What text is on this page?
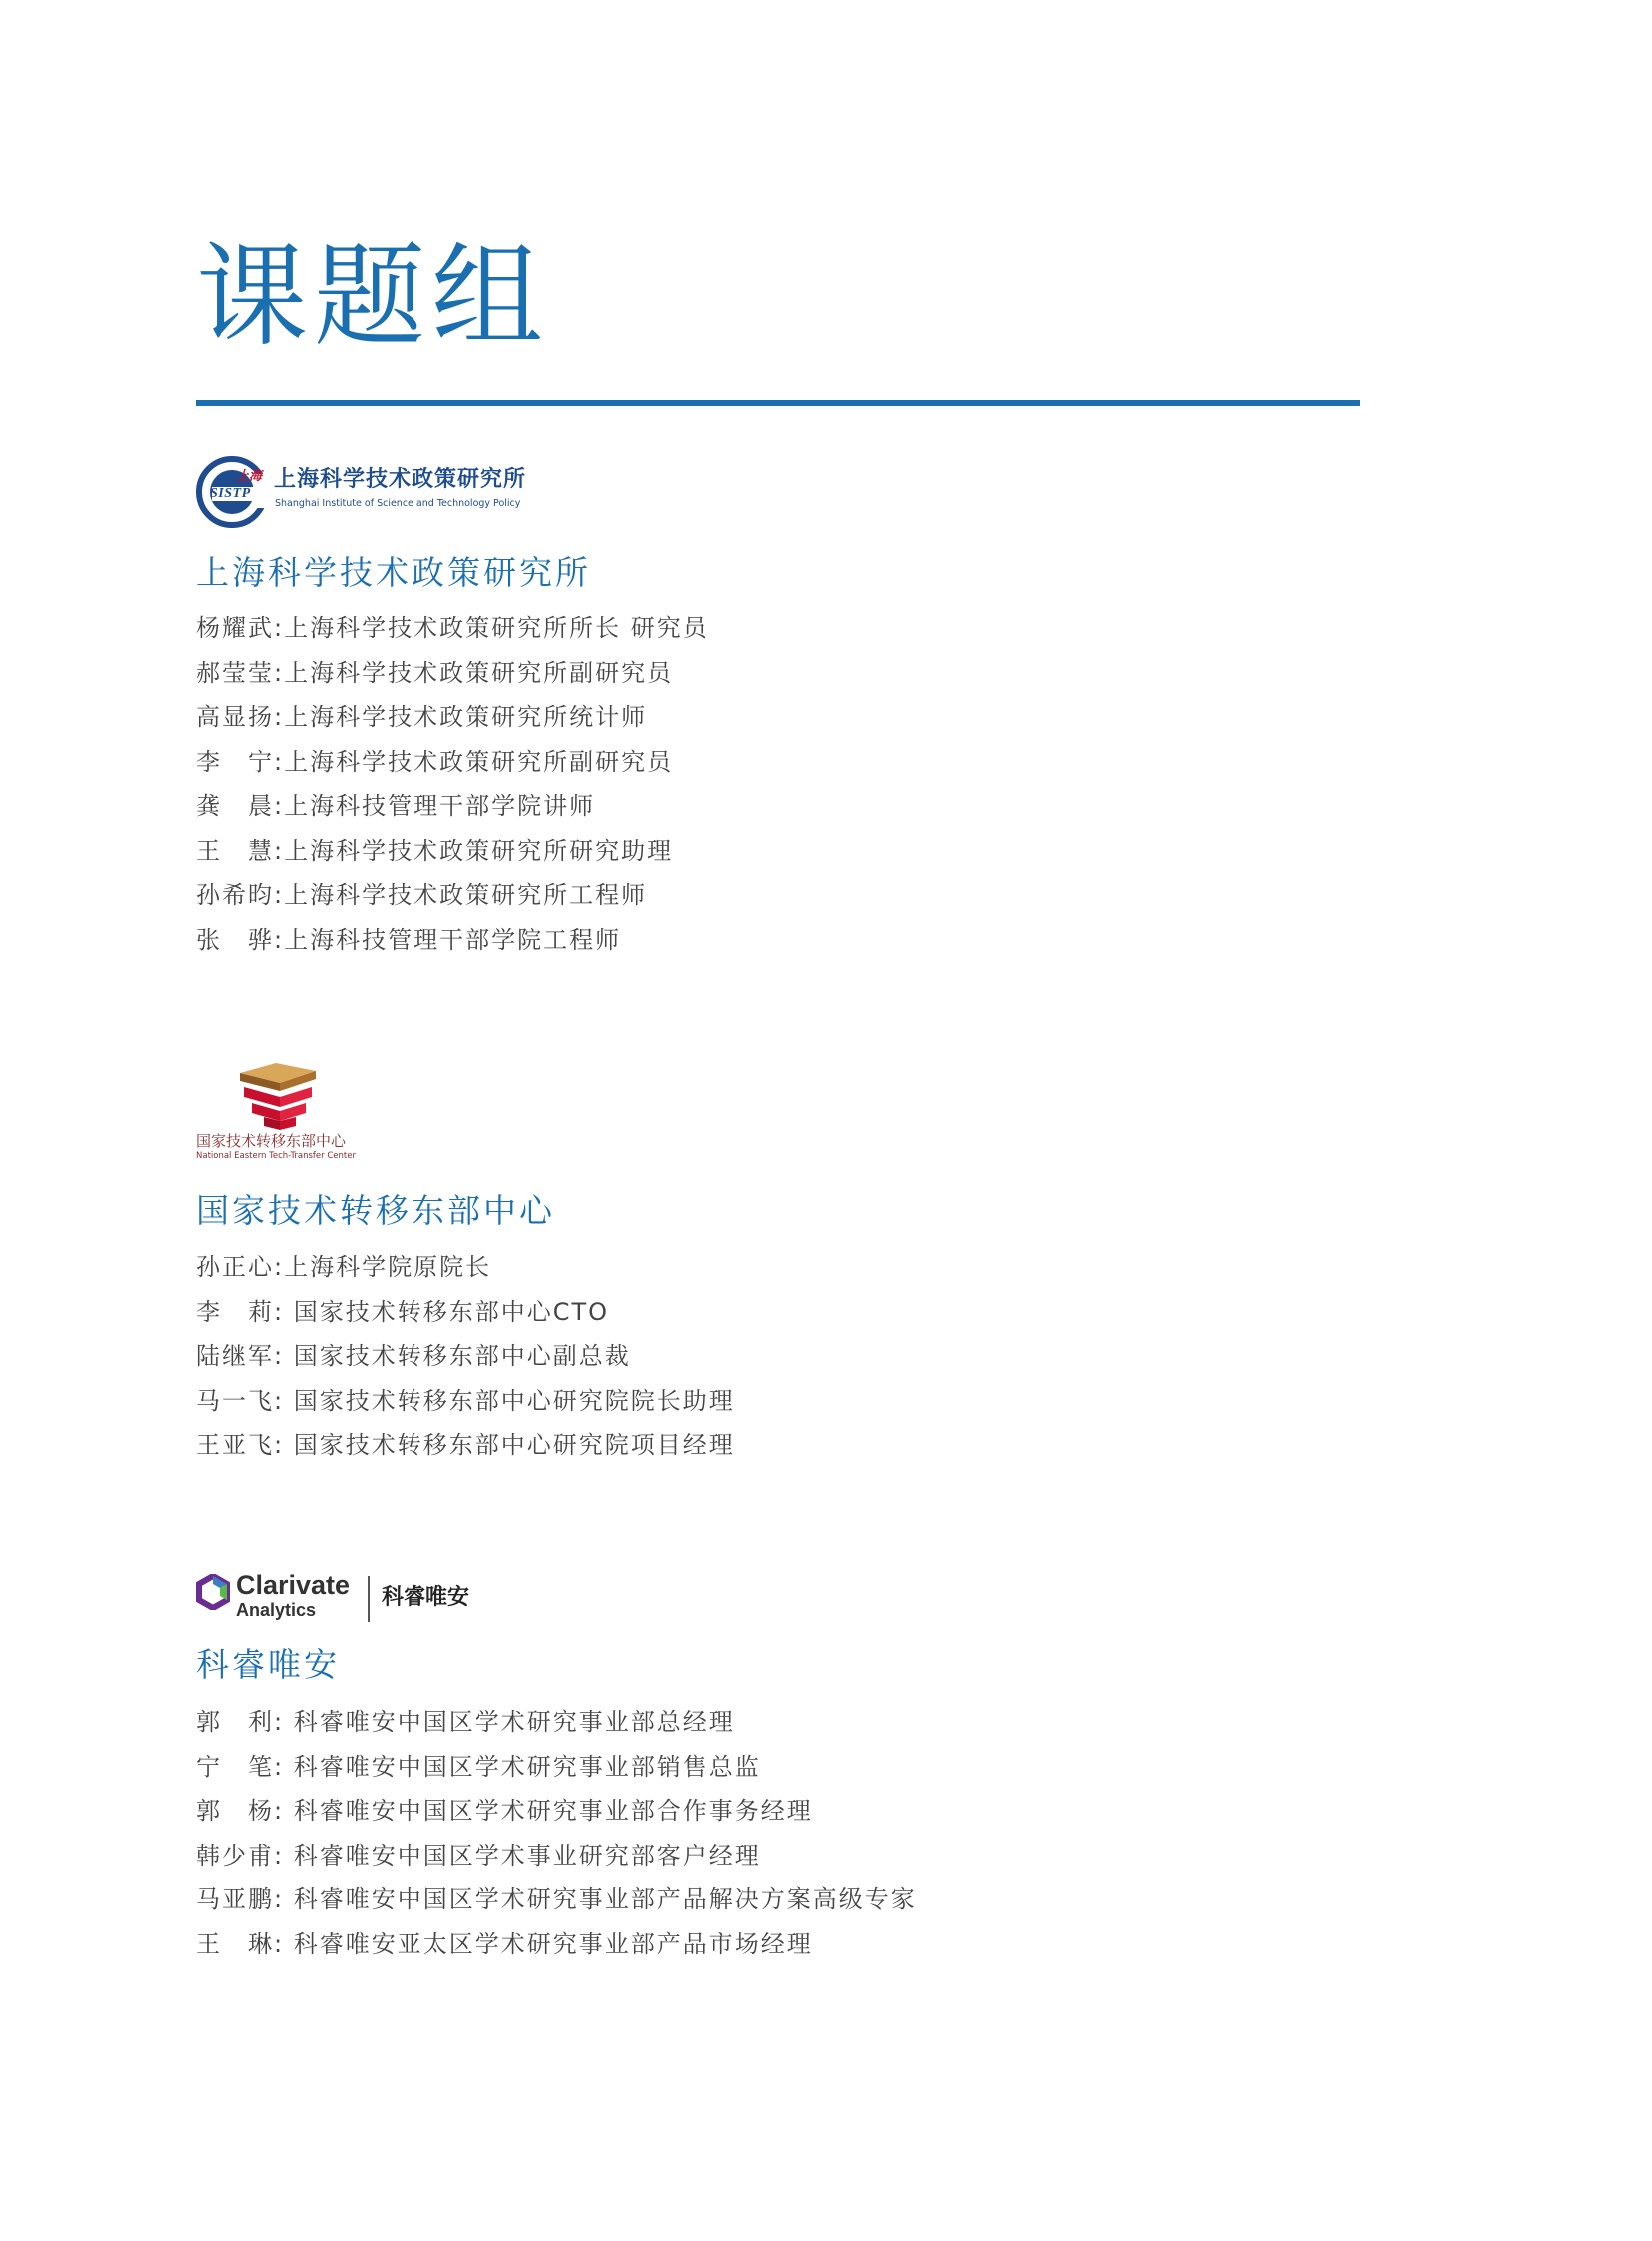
课题组
上海
SISTP
上海科学技术政策研究所
Shanghai Institute of Science and Technology Policy
上海科学技术政策研究所
杨耀武:上海科学技术政策研究所所长 研究员
郝莹莹:上海科学技术政策研究所副研究员
高显扬:上海科学技术政策研究所统计师
李　宁:上海科学技术政策研究所副研究员
龚　晨:上海科技管理干部学院讲师
王　慧:上海科学技术政策研究所研究助理
孙希昀:上海科学技术政策研究所工程师
张　骅:上海科技管理干部学院工程师
国家技术转移东部中心
National Eastern Tech-Transfer Center
国家技术转移东部中心
孙正心:上海科学院原院长
李　莉: 国家技术转移东部中心CTO
陆继军: 国家技术转移东部中心副总裁
马一飞: 国家技术转移东部中心研究院院长助理
王亚飞: 国家技术转移东部中心研究院项目经理
Clarivate
Analytics	科睿唯安
科睿唯安
郭　利: 科睿唯安中国区学术研究事业部总经理
宁　笔: 科睿唯安中国区学术研究事业部销售总监
郭　杨: 科睿唯安中国区学术研究事业部合作事务经理
韩少甫: 科睿唯安中国区学术事业研究部客户经理
马亚鹏: 科睿唯安中国区学术研究事业部产品解决方案高级专家
王　琳: 科睿唯安亚太区学术研究事业部产品市场经理
